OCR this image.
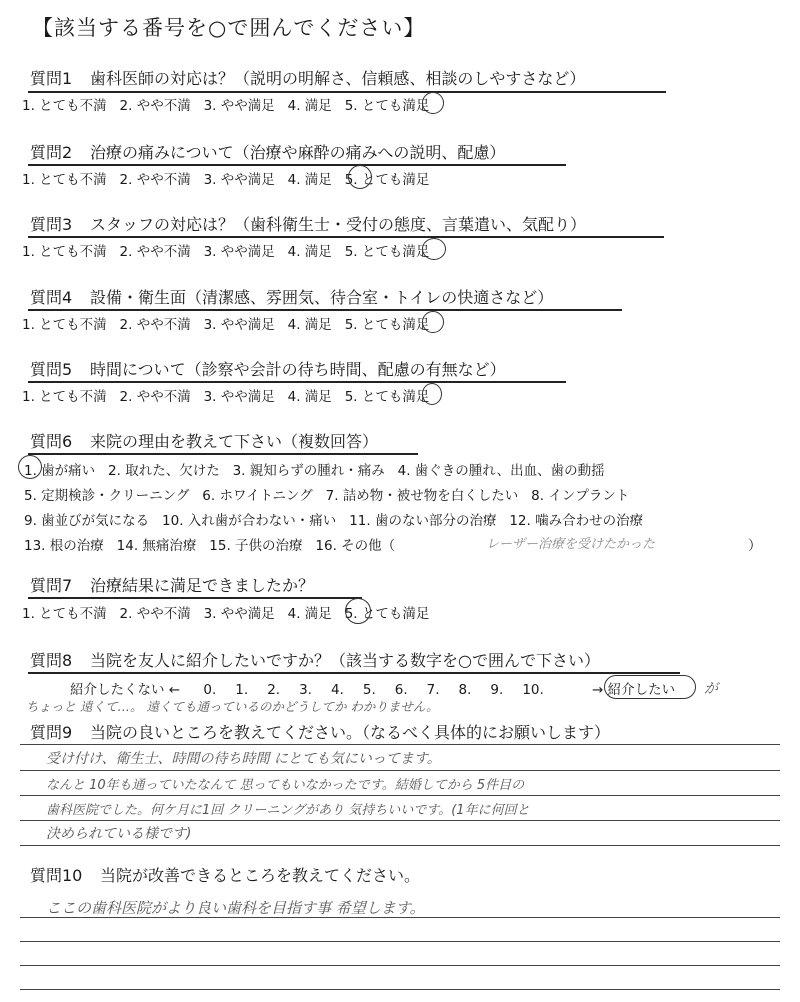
【該当する番号を○で囲んでください】
質問1 歯科医師の対応は？（説明の明解さ、信頼感、相談のしやすさなど）
1. とても不満 2. やや不満 3. やや満足 4. 満足 5. とても満足
質問2 治療の痛みについて（治療や麻酔の痛みへの説明、配慮）
1. とても不満 2. やや不満 3. やや満足 4. 満足 5. とても満足
質問3 スタッフの対応は？（歯科衛生士・受付の態度、言葉遣い、気配り）
1. とても不満 2. やや不満 3. やや満足 4. 満足 5. とても満足
質問4 設備・衛生面（清潔感、雰囲気、待合室・トイレの快適さなど）
1. とても不満 2. やや不満 3. やや満足 4. 満足 5. とても満足
質問5 時間について（診察や会計の待ち時間、配慮の有無など）
1. とても不満 2. やや不満 3. やや満足 4. 満足 5. とても満足
質問6 来院の理由を教えて下さい（複数回答）
1. 歯が痛い 2. 取れた、欠けた 3. 親知らずの腫れ・痛み 4. 歯ぐきの腫れ、出血、歯の動揺
5. 定期検診・クリーニング 6. ホワイトニング 7. 詰め物・被せ物を白くしたい 8. インプラント
9. 歯並びが気になる 10. 入れ歯が合わない・痛い 11. 歯のない部分の治療 12. 噛み合わせの治療
13. 根の治療 14. 無痛治療 15. 子供の治療 16. その他（	レーザー治療を受けたかった	）
質問7 治療結果に満足できましたか？
1. とても不満 2. やや不満 3. やや満足 4. 満足 5. とても満足
質問8 当院を友人に紹介したいですか？（該当する数字を○で囲んで下さい）
紹介したくない ← 0. 1. 2. 3. 4. 5. 6. 7. 8. 9. 10.	→ 紹介したい が
ちょっと 遠くて…。 遠くても通っているのかどうしてか わかりません。
質問9 当院の良いところを教えてください。（なるべく具体的にお願いします）
受け付け、衛生士、時間の待ち時間 にとても気にいってます。
なんと 10年も通っていたなんて 思ってもいなかったです。結婚してから 5件目の
歯科医院でした。何ケ月に1回 クリーニングがあり 気持ちいいです。(1年に何回と
決められている様です)
質問10 当院が改善できるところを教えてください。
ここの歯科医院がより良い歯科を目指す事 希望します。
